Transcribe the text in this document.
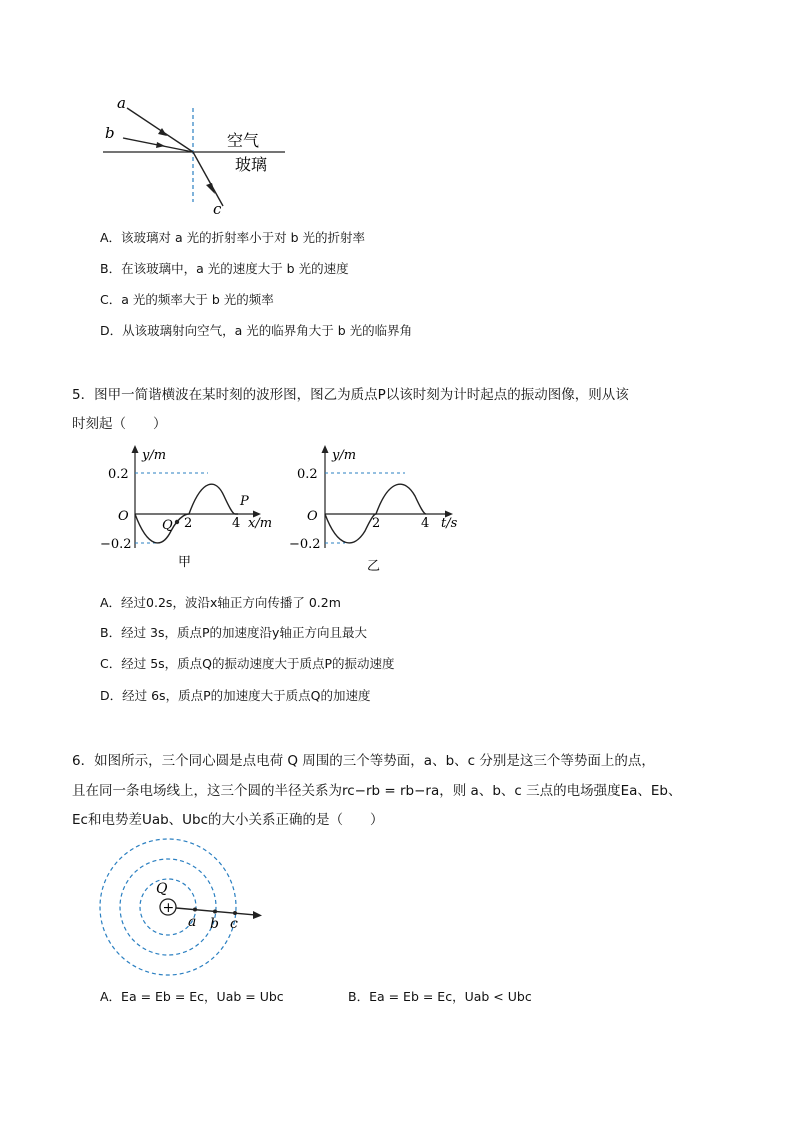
a
b
c
空气
玻璃
A．该玻璃对 a 光的折射率小于对 b 光的折射率
B．在该玻璃中，a 光的速度大于 b 光的速度
C．a 光的频率大于 b 光的频率
D．从该玻璃射向空气，a 光的临界角大于 b 光的临界角
5．图甲一简谐横波在某时刻的波形图，图乙为质点P以该时刻为计时起点的振动图像，则从该
时刻起（　　）
y/m
O
0.2
−0.2
2	4 x/m
P
Q
甲
y/m
O
0.2
−0.2
2	4 t/s
乙
A．经过0.2s，波沿x轴正方向传播了 0.2m
B．经过 3s，质点P的加速度沿y轴正方向且最大
C．经过 5s，质点Q的振动速度大于质点P的振动速度
D．经过 6s，质点P的加速度大于质点Q的加速度
6．如图所示，三个同心圆是点电荷 Q 周围的三个等势面，a、b、c 分别是这三个等势面上的点，
且在同一条电场线上，这三个圆的半径关系为rc−rb = rb−ra，则 a、b、c 三点的电场强度Ea、Eb、
Ec和电势差Uab、Ubc的大小关系正确的是（　　）
+
Q
a b c
A．Ea = Eb = Ec，Uab = Ubc	B．Ea = Eb = Ec，Uab < Ubc
